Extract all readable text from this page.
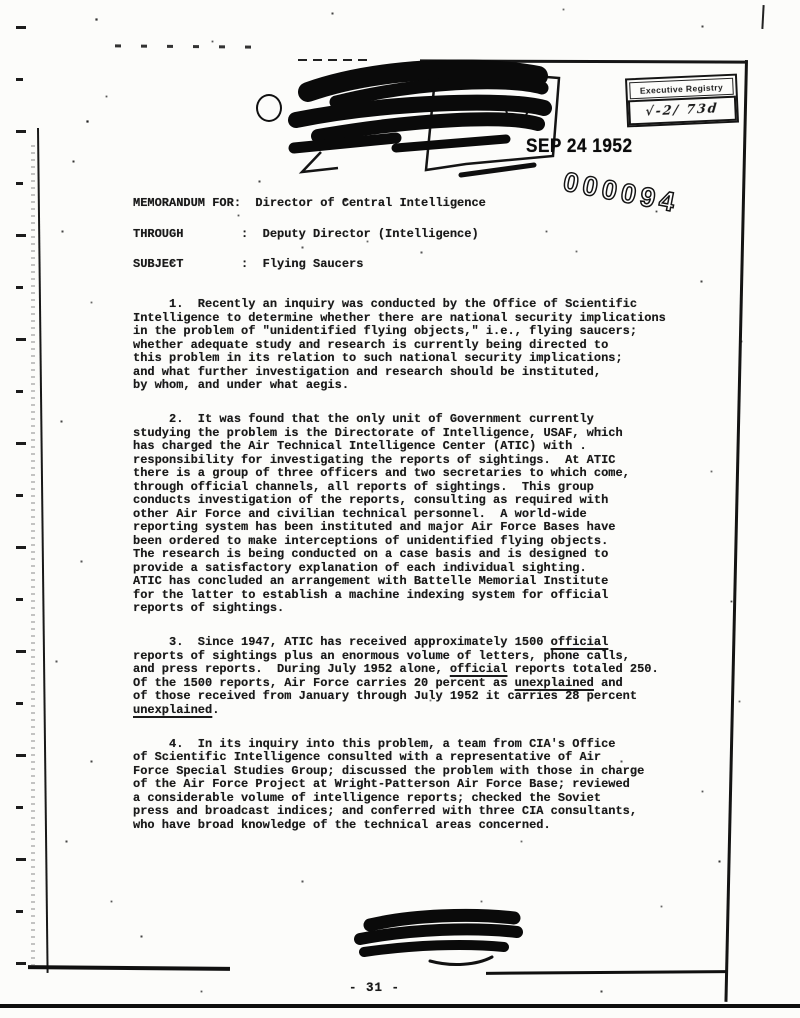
Executive Registry
√-2/ 73d
SEP 24 1952
000094
MEMORANDUM FOR:  Director of Central Intelligence
THROUGH        :  Deputy Director (Intelligence)
SUBJECT        :  Flying Saucers
1.  Recently an inquiry was conducted by the Office of Scientific
Intelligence to determine whether there are national security implications
in the problem of "unidentified flying objects," i.e., flying saucers;
whether adequate study and research is currently being directed to
this problem in its relation to such national security implications;
and what further investigation and research should be instituted,
by whom, and under what aegis.
2.  It was found that the only unit of Government currently
studying the problem is the Directorate of Intelligence, USAF, which
has charged the Air Technical Intelligence Center (ATIC) with .
responsibility for investigating the reports of sightings.  At ATIC
there is a group of three officers and two secretaries to which come,
through official channels, all reports of sightings.  This group
conducts investigation of the reports, consulting as required with
other Air Force and civilian technical personnel.  A world-wide
reporting system has been instituted and major Air Force Bases have
been ordered to make interceptions of unidentified flying objects.
The research is being conducted on a case basis and is designed to
provide a satisfactory explanation of each individual sighting.
ATIC has concluded an arrangement with Battelle Memorial Institute
for the latter to establish a machine indexing system for official
reports of sightings.
3.  Since 1947, ATIC has received approximately 1500 official
reports of sightings plus an enormous volume of letters, phone calls,
and press reports.  During July 1952 alone, official reports totaled 250.
Of the 1500 reports, Air Force carries 20 percent as unexplained and
of those received from January through July 1952 it carries 28 percent
unexplained.
4.  In its inquiry into this problem, a team from CIA's Office
of Scientific Intelligence consulted with a representative of Air
Force Special Studies Group; discussed the problem with those in charge
of the Air Force Project at Wright-Patterson Air Force Base; reviewed
a considerable volume of intelligence reports; checked the Soviet
press and broadcast indices; and conferred with three CIA consultants,
who have broad knowledge of the technical areas concerned.
- 31 -
